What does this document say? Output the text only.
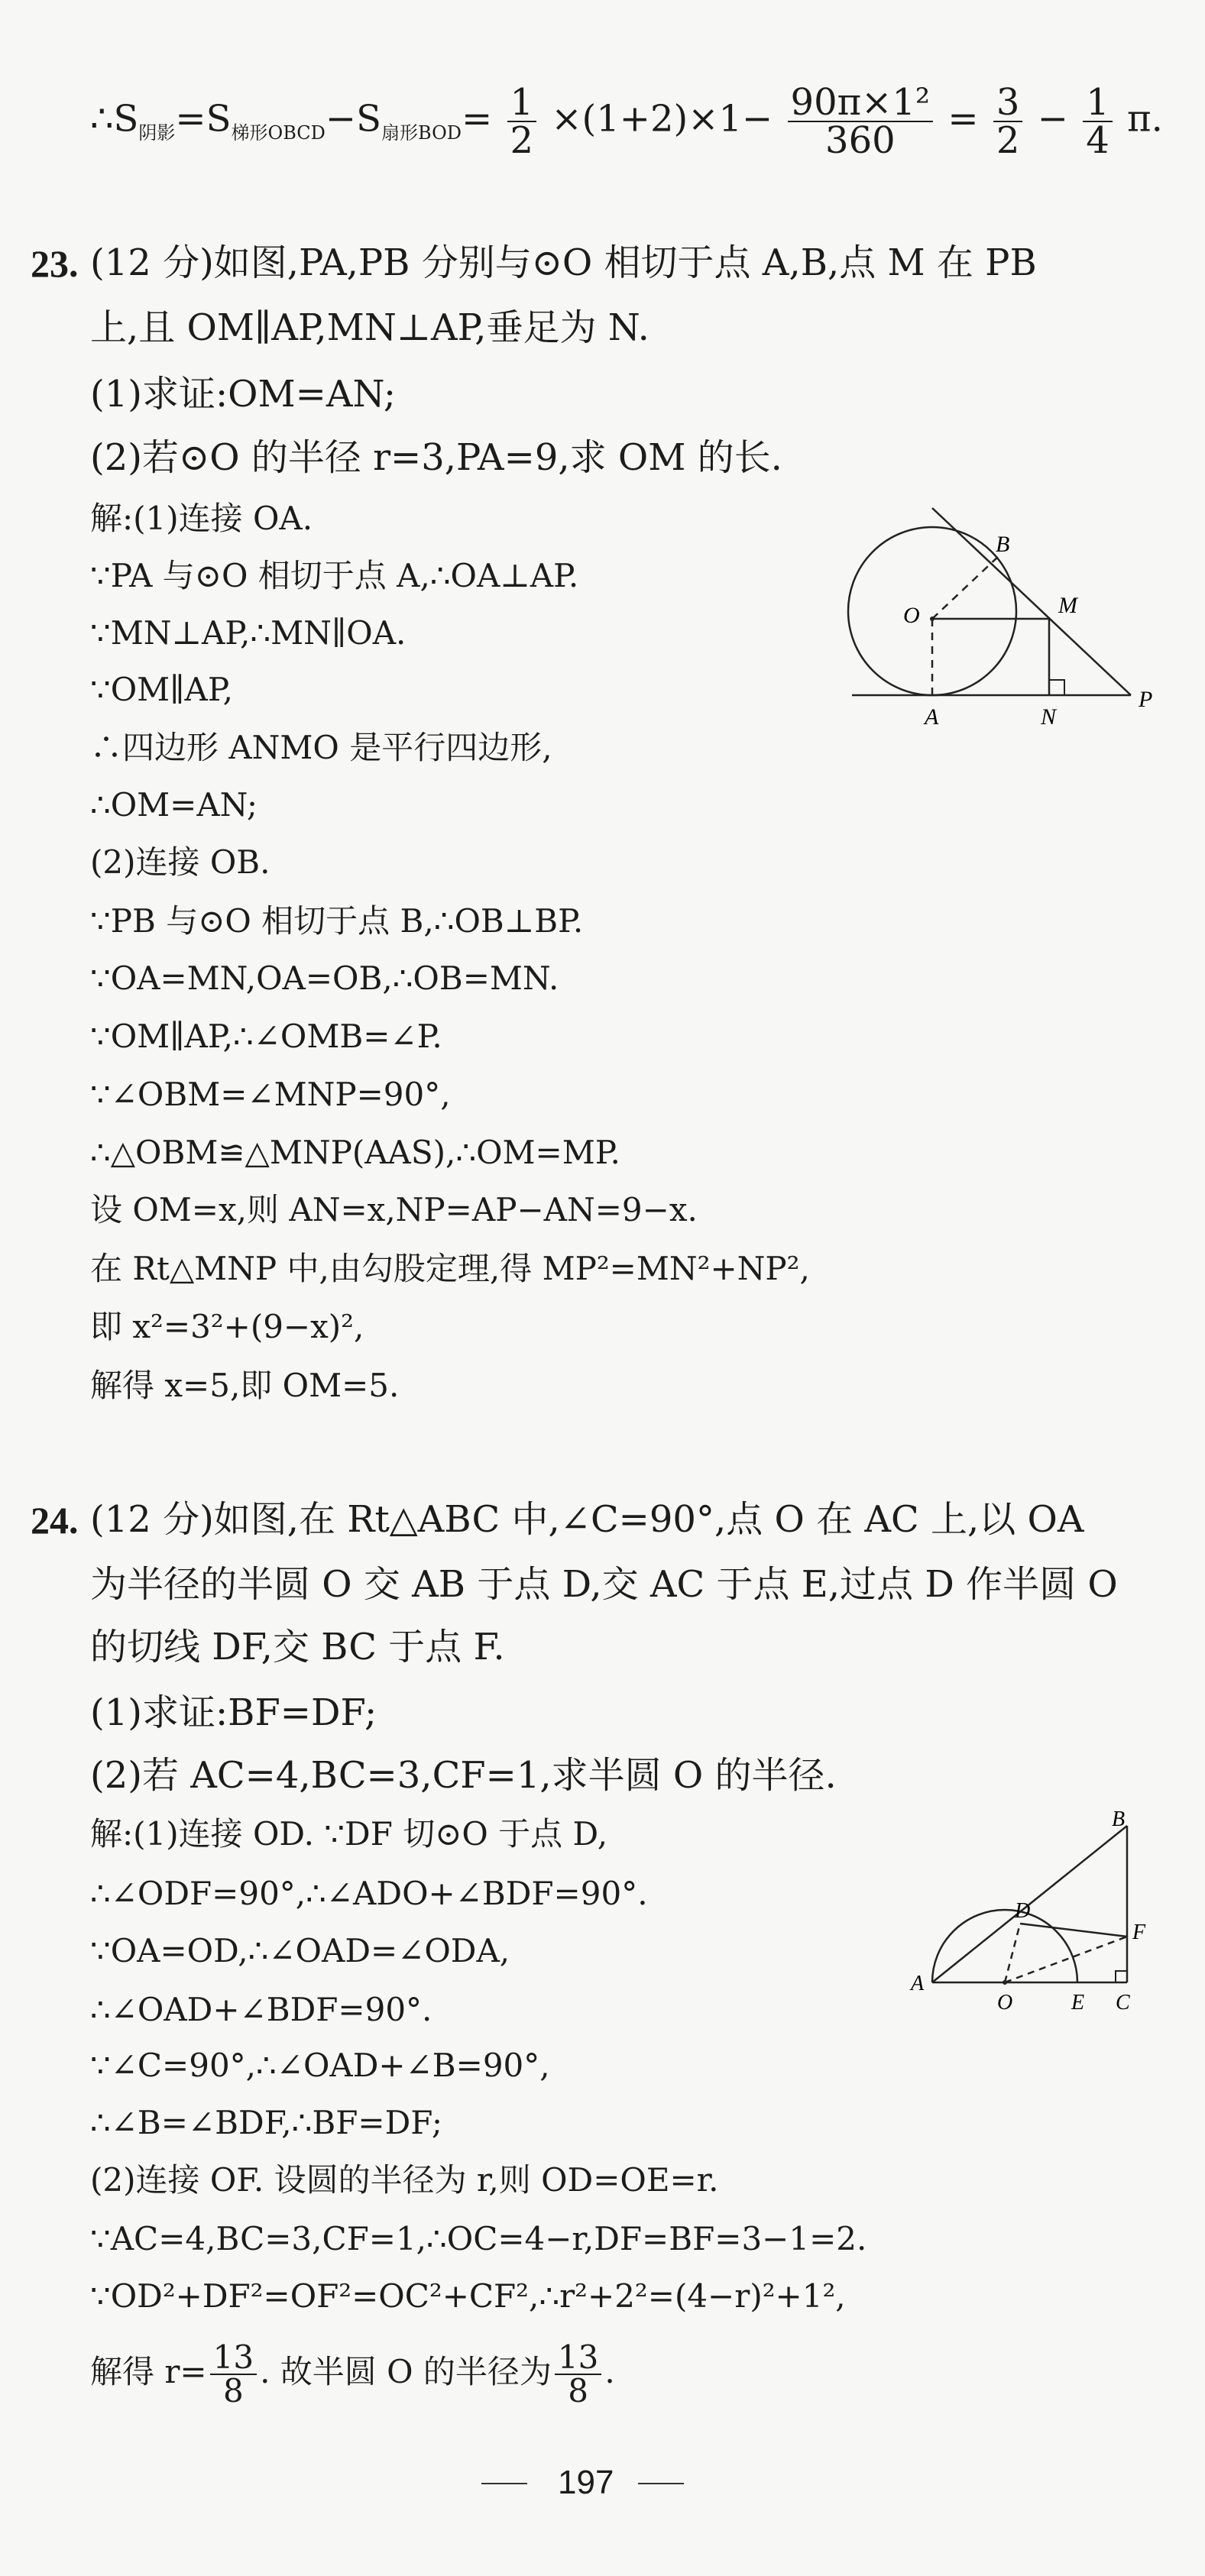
$\therefore S_{阴影}=S_{梯形OBCD}-S_{扇形BOD}= \frac{1}{2} \times(1+2)\times 1- \frac{\text{90π×1²}}{360} = \frac{3}{2} - \frac{1}{4} \pi$.
23. (12 分)如图,PA,PB 分别与⊙O 相切于点 A,B,点 M 在 PB
上,且 OM∥AP,MN⊥AP,垂足为 N.
(1)求证:OM=AN;
(2)若⊙O 的半径 r=3,PA=9,求 OM 的长.
解:(1)连接 OA.
∵PA 与⊙O 相切于点 A,∴OA⊥AP.
∵MN⊥AP,∴MN∥OA.
∵OM∥AP,
∴四边形 ANMO 是平行四边形,
∴OM=AN;
(2)连接 OB.
∵PB 与⊙O 相切于点 B,∴OB⊥BP.
∵OA=MN,OA=OB,∴OB=MN.
∵OM∥AP,∴∠OMB=∠P.
∵∠OBM=∠MNP=90°,
∴△OBM≌△MNP(AAS),∴OM=MP.
设 OM=x,则 AN=x,NP=AP−AN=9−x.
在 Rt△MNP 中,由勾股定理,得 MP²=MN²+NP²,
即 x²=3²+(9−x)²,
解得 x=5,即 OM=5.
B
O	M
A	N
P
24. (12 分)如图,在 Rt△ABC 中,∠C=90°,点 O 在 AC 上,以 OA
为半径的半圆 O 交 AB 于点 D,交 AC 于点 E,过点 D 作半圆 O
的切线 DF,交 BC 于点 F.
(1)求证:BF=DF;
(2)若 AC=4,BC=3,CF=1,求半圆 O 的半径.
解:(1)连接 OD. ∵DF 切⊙O 于点 D,
∴∠ODF=90°,∴∠ADO+∠BDF=90°.
∵OA=OD,∴∠OAD=∠ODA,
∴∠OAD+∠BDF=90°.
∵∠C=90°,∴∠OAD+∠B=90°,
∴∠B=∠BDF,∴BF=DF;
(2)连接 OF. 设圆的半径为 r,则 OD=OE=r.
∵AC=4,BC=3,CF=1,∴OC=4−r,DF=BF=3−1=2.
∵OD²+DF²=OF²=OC²+CF²,∴r²+2²=(4−r)²+1²,
解得 $r= \frac{13}{8}$ . 故半圆 O 的半径为 $\frac{13}{8}$ .
B
D
F
A
O	E C
197
